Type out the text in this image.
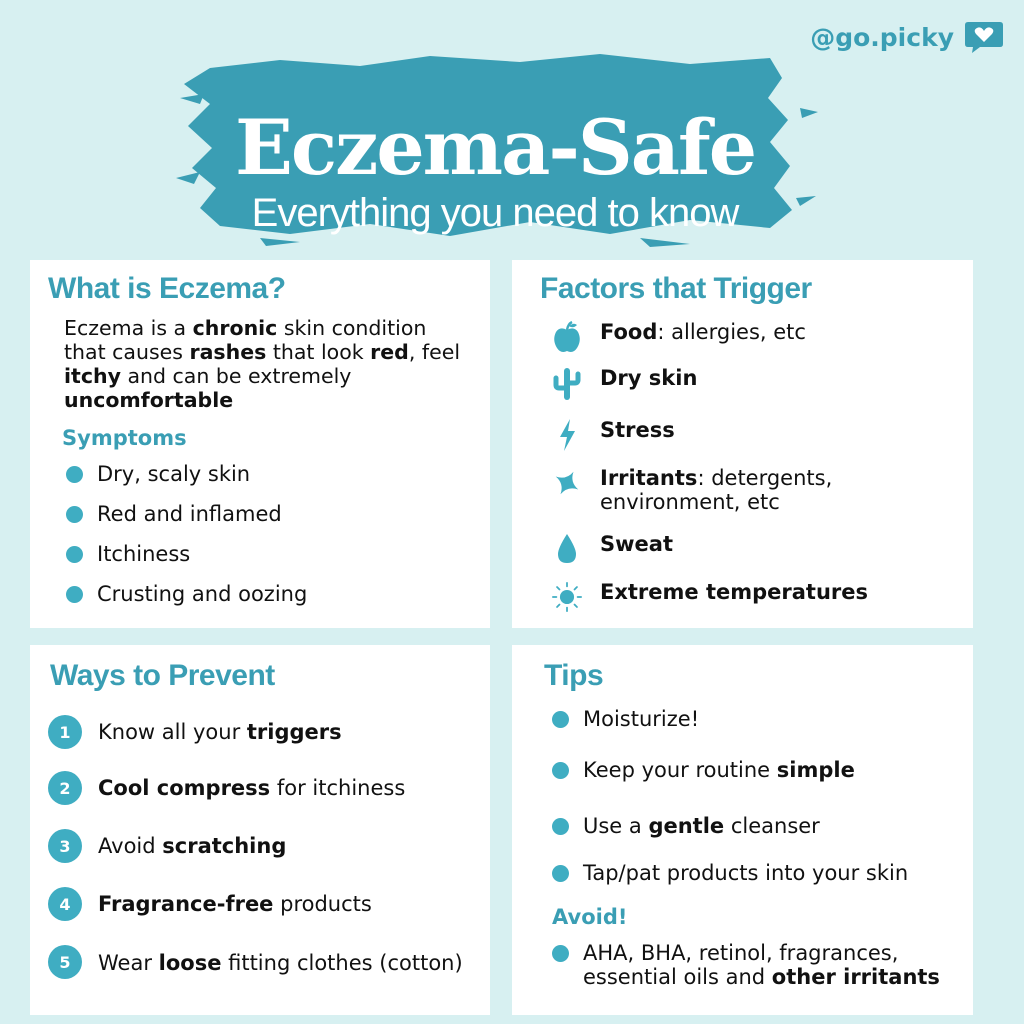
@go.picky
Eczema-Safe
Everything you need to know
What is Eczema?
Eczema is a chronic skin condition that causes rashes that look red, feel itchy and can be extremely uncomfortable
Symptoms
Dry, scaly skin
Red and inflamed
Itchiness
Crusting and oozing
Factors that Trigger
Food: allergies, etc
Dry skin
Stress
Irritants: detergents, environment, etc
Sweat
Extreme temperatures
Ways to Prevent
1	Know all your triggers
2	Cool compress for itchiness
3	Avoid scratching
4	Fragrance-free products
5	Wear loose fitting clothes (cotton)
Tips
Moisturize!
Keep your routine simple
Use a gentle cleanser
Tap/pat products into your skin
Avoid!
AHA, BHA, retinol, fragrances, essential oils and other irritants
